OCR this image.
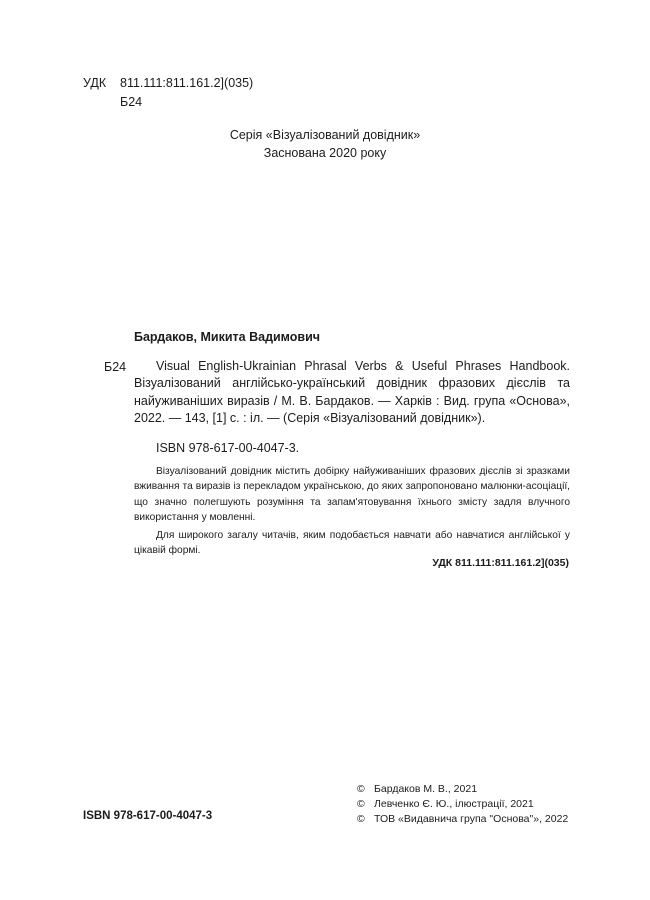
УДК 811.111:811.161.2](035)
Б24
Серія «Візуалізований довідник»
Заснована 2020 року
Бардаков, Микита Вадимович
Б24	Visual English-Ukrainian Phrasal Verbs & Useful Phrases Handbook. Візуалізований англійсько-український довідник фразових дієслів та найуживаніших виразів / М. В. Бардаков. — Харків : Вид. група «Основа», 2022. — 143, [1] с. : іл. — (Серія «Візуалізований довідник»).
ISBN 978-617-00-4047-3.

Візуалізований довідник містить добірку найуживаніших фразових дієслів зі зразками вживання та виразів із перекладом українською, до яких запропоновано малюнки-асоціації, що значно полегшують розуміння та запам'ятовування їхнього змісту задля влучного використання у мовленні.

Для широкого загалу читачів, яким подобається навчати або навчатися англійської у цікавій формі.

УДК 811.111:811.161.2](035)
ISBN 978-617-00-4047-3
© Бардаков М. В., 2021
© Левченко Є. Ю., ілюстрації, 2021
© ТОВ «Видавнича група "Основа"», 2022
